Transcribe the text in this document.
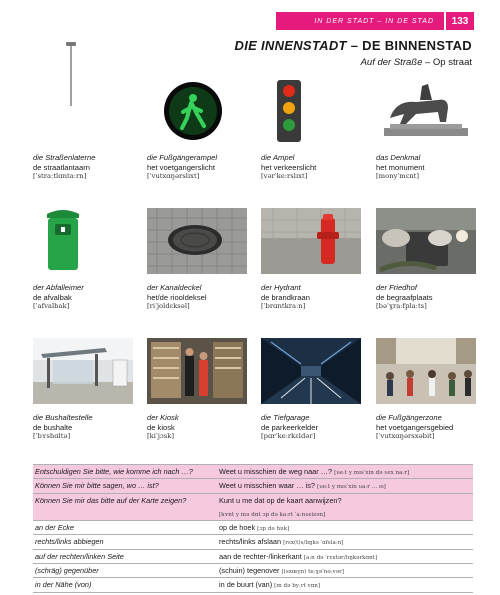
IN DER STADT – IN DE STAD	133
DIE INNENSTADT – DE BINNENSTAD
Auf der Straße – Op straat
die Straßenlaterne
de straatlantaarn
[ˈstraːtlɑntaːrn]
die Fußgängerampel
het voetgangerslicht
[ˈvutxɑŋərslɪxt]
die Ampel
het verkeerslicht
[vərˈkeːrslɪxt]
das Denkmal
het monument
[monyˈmɛnt]
der Abfalleimer
de afvalbak
[ˈafvalbak]
der Kanaldeckel
het/de riooldeksel
[riˈjoldɛksəl]
der Hydrant
de brandkraan
[ˈbrɑntkraːn]
der Friedhof
de begraafplaats
[bəˈɣraːfplaːts]
die Bushaltestelle
de bushalte
[ˈbʏshɑltə]
der Kiosk
de kiosk
[kiˈjɔsk]
die Tiefgarage
de parkeerkelder
[pɑrˈkeːrkɛldər]
die Fußgängerzone
het voetgangersgebied
[ˈvutxɑŋərsxəbit]
Entschuldigen Sie bitte, wie komme ich nach …?	Weet u misschien de weg naar …? [ʋeːt y mɪsˈxin də ʋɛx naːr]
Können Sie mir bitte sagen, wo … ist?	Weet u misschien waar … is? [ʋeːt y mɪsˈxin ʋaːr … ɪs]
Können Sie mir das bitte auf der Karte zeigen?	Kunt u me dat op de kaart aanwijzen?
[kʏnt y mə dɑt ɔp də kaːrt ˈaːnʋɛizən]
an der Ecke	op de hoek [ɔp də huk]
rechts/links abbiegen	rechts/links afslaan [rɛx(t)s/lɪŋks ˈɑfslaːn]
auf der rechten/linken Seite	aan de rechter-/linkerkant [aːn də ˈrɛxtər/lɪŋkərkɑnt]
(schräg) gegenüber	(schuin) tegenover [(sxœyn) teːɣəˈnoːvər]
in der Nähe (von)	in de buurt (van) [ɪn də byːrt vɑn]
